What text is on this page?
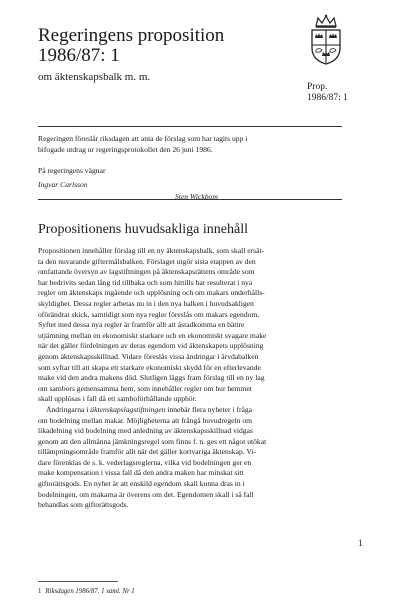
Regeringens proposition
1986/87: 1
om äktenskapsbalk m. m.
Prop.
1986/87: 1

Regeringen föreslår riksdagen att anta de förslag som har tagits upp i
bifogade utdrag ur regeringsprotokollet den 26 juni 1986.

På regeringens vägnar
Ingvar Carlsson
Sten Wickbom
Propositionens huvudsakliga innehåll
Propositionen innehåller förslag till en ny äktenskapsbalk, som skall ersät-
ta den nuvarande giftermålsbalken. Förslaget utgör sista etappen av den
omfattande översyn av lagstiftningen på äktenskapsrättens område som
har bedrivits sedan lång tid tillbaka och som hittills har resulterat i nya
regler om äktenskaps ingående och upplösning och om makars underhålls-
skyldighet. Dessa regler arbetas nu in i den nya balken i huvudsakligen
oförändrat skick, samtidigt som nya regler föreslås om makars egendom.
Syftet med dessa nya regler är framför allt att åstadkomma en bättre
utjämning mellan en ekonomiskt starkare och en ekonomiskt svagare make
när det gäller fördelningen av deras egendom vid äktenskapets upplösning
genom äktenskapsskillnad. Vidare föreslås vissa ändringar i ärvdabalken
som syftar till att skapa ett starkare ekonomiskt skydd för en efterlevande
make vid den andra makens död. Slutligen läggs fram förslag till en ny lag
om sambors gemensamma hem, som innehåller regler om hur hemmet
skall upplösas i fall då ett samboförhållande upphör.
Ändringarna i äktenskapslagstiftningen innebär flera nyheter i fråga
om bodelning mellan makar. Möjligheterna att frångå huvudregeln om
likadelning vid bodelning med anledning av äktenskapsskillnad vidgas
genom att den allmänna jämkningsregel som finns f. n. ges ett något utökat
tillämpningsområde framför allt när det gäller kortvariga äktenskap. Vi-
dare förenklas de s. k. vederlagsreglerna, vilka vid bodelningen ger en
make kompensation i vissa fall då den andra maken har minskat sitt
giftorättsgods. En nyhet är att enskild egendom skall kunna dras in i
bodelningen, om makarna är överens om det. Egendomen skall i så fall
behandlas som giftorättsgods.
1
1 Riksdagen 1986/87. 1 saml. Nr 1
